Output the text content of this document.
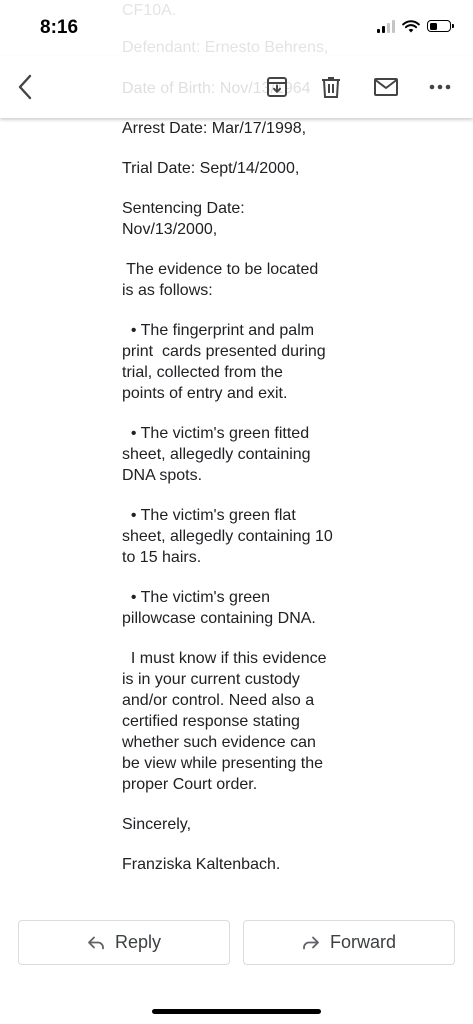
8:16
CF10A.
Defendant: Ernesto Behrens,
Date of Birth: Nov/13/1964

Arrest Date: Mar/17/1998,

Trial Date: Sept/14/2000,

Sentencing Date:

Nov/13/2000,

The evidence to be located

is as follows:

• The fingerprint and palm

print  cards presented during

trial, collected from the

points of entry and exit.

• The victim's green fitted

sheet, allegedly containing

DNA spots.

• The victim's green flat

sheet, allegedly containing 10

to 15 hairs.

• The victim's green

pillowcase containing DNA.

I must know if this evidence

is in your current custody

and/or control. Need also a

certified response stating

whether such evidence can

be view while presenting the

proper Court order.

Sincerely,

Franziska Kaltenbach.

Reply	Forward
